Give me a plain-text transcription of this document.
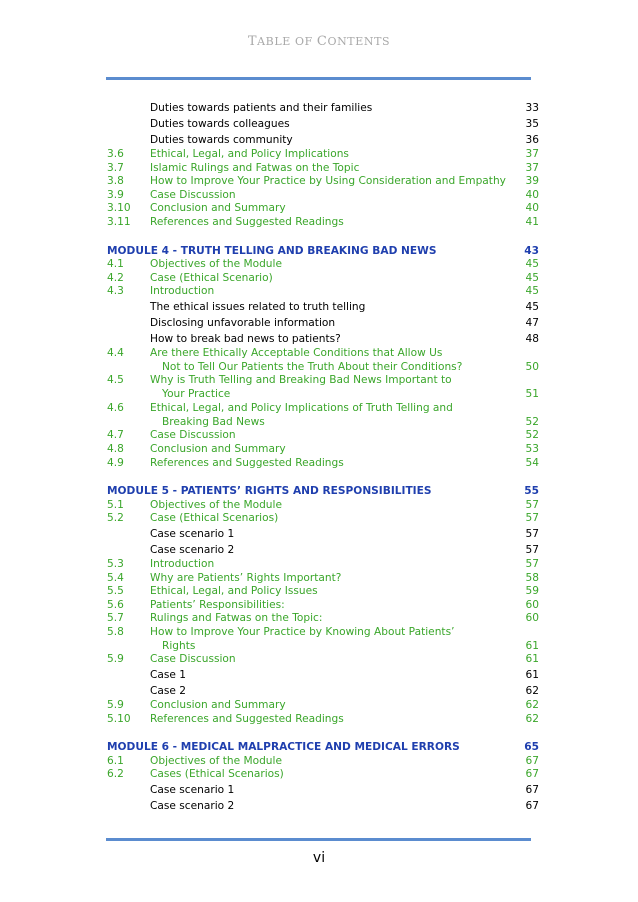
TABLE OF CONTENTS
Duties towards patients and their families	33
Duties towards colleagues	35
Duties towards community	36
3.6 Ethical, Legal, and Policy Implications	37
3.7 Islamic Rulings and Fatwas on the Topic	37
3.8 How to Improve Your Practice by Using Consideration and Empathy 39
3.9 Case Discussion	40
3.10 Conclusion and Summary	40
3.11 References and Suggested Readings	41
MODULE 4 - TRUTH TELLING AND BREAKING BAD NEWS	43
4.1 Objectives of the Module	45
4.2 Case (Ethical Scenario)	45
4.3 Introduction	45
The ethical issues related to truth telling	45
Disclosing unfavorable information	47
How to break bad news to patients?	48
4.4 Are there Ethically Acceptable Conditions that Allow Us
Not to Tell Our Patients the Truth About their Conditions?	50
4.5 Why is Truth Telling and Breaking Bad News Important to
Your Practice	51
4.6 Ethical, Legal, and Policy Implications of Truth Telling and
Breaking Bad News	52
4.7 Case Discussion	52
4.8 Conclusion and Summary	53
4.9 References and Suggested Readings	54
MODULE 5 - PATIENTS’ RIGHTS AND RESPONSIBILITIES	55
5.1 Objectives of the Module	57
5.2 Case (Ethical Scenarios)	57
Case scenario 1	57
Case scenario 2	57
5.3 Introduction	57
5.4 Why are Patients’ Rights Important?	58
5.5 Ethical, Legal, and Policy Issues	59
5.6 Patients’ Responsibilities:	60
5.7 Rulings and Fatwas on the Topic:	60
5.8 How to Improve Your Practice by Knowing About Patients’
Rights	61
5.9 Case Discussion	61
Case 1	61
Case 2	62
5.9 Conclusion and Summary	62
5.10 References and Suggested Readings	62
MODULE 6 - MEDICAL MALPRACTICE AND MEDICAL ERRORS	65
6.1 Objectives of the Module	67
6.2 Cases (Ethical Scenarios)	67
Case scenario 1	67
Case scenario 2	67
vi
